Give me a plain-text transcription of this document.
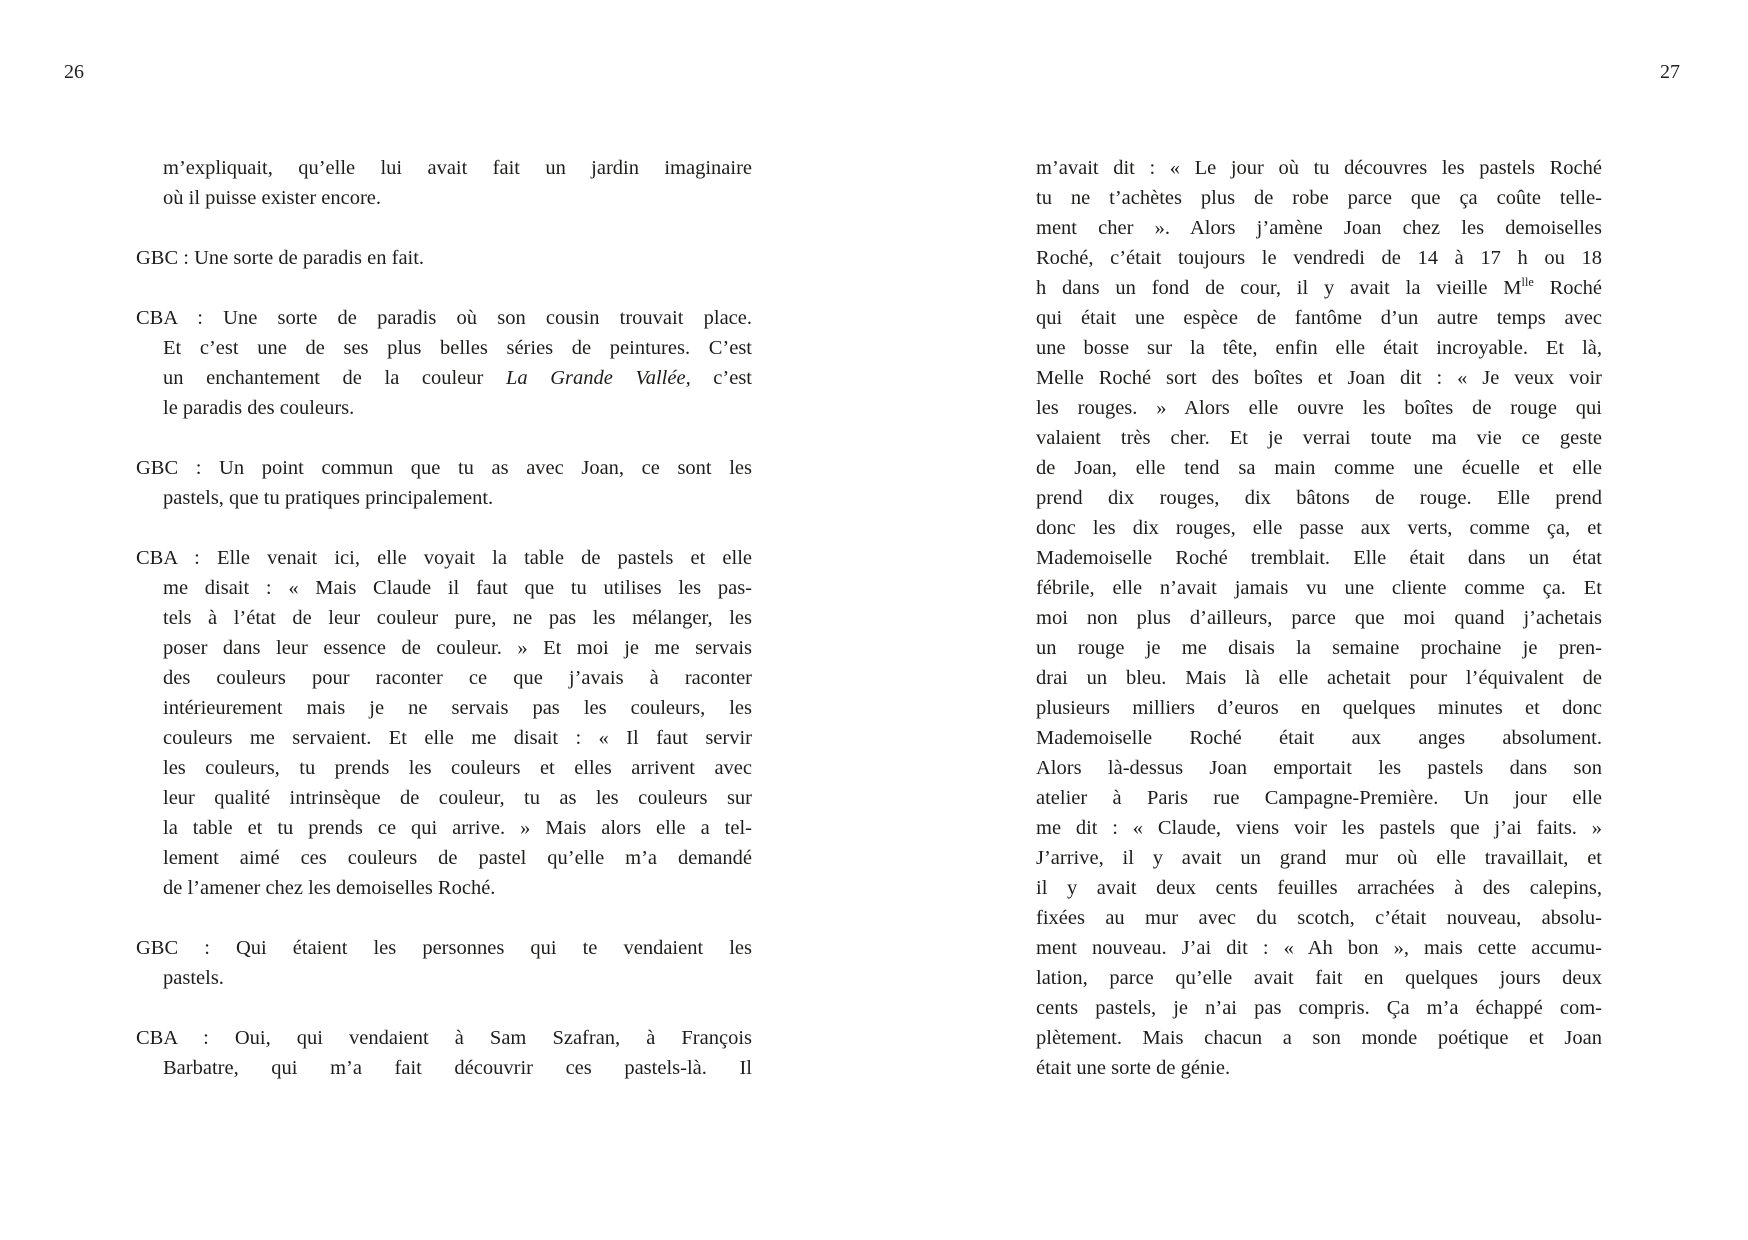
26	27
m’expliquait, qu’elle lui avait fait un jardin imaginaire
où il puisse exister encore.
GBC : Une sorte de paradis en fait.
CBA : Une sorte de paradis où son cousin trouvait place.
Et c’est une de ses plus belles séries de peintures. C’est
un enchantement de la couleur La Grande Vallée, c’est
le paradis des couleurs.
GBC : Un point commun que tu as avec Joan, ce sont les
pastels, que tu pratiques principalement.
CBA : Elle venait ici, elle voyait la table de pastels et elle
me disait : « Mais Claude il faut que tu utilises les pas-
tels à l’état de leur couleur pure, ne pas les mélanger, les
poser dans leur essence de couleur. » Et moi je me servais
des couleurs pour raconter ce que j’avais à raconter
intérieurement mais je ne servais pas les couleurs, les
couleurs me servaient. Et elle me disait : « Il faut servir
les couleurs, tu prends les couleurs et elles arrivent avec
leur qualité intrinsèque de couleur, tu as les couleurs sur
la table et tu prends ce qui arrive. » Mais alors elle a tel-
lement aimé ces couleurs de pastel qu’elle m’a demandé
de l’amener chez les demoiselles Roché.
GBC : Qui étaient les personnes qui te vendaient les
pastels.
CBA : Oui, qui vendaient à Sam Szafran, à François
Barbatre, qui m’a fait découvrir ces pastels-là. Il
m’avait dit : « Le jour où tu découvres les pastels Roché
tu ne t’achètes plus de robe parce que ça coûte telle-
ment cher ». Alors j’amène Joan chez les demoiselles
Roché, c’était toujours le vendredi de 14 à 17 h ou 18
h dans un fond de cour, il y avait la vieille $M^{lle}$ Roché
qui était une espèce de fantôme d’un autre temps avec
une bosse sur la tête, enfin elle était incroyable. Et là,
Melle Roché sort des boîtes et Joan dit : « Je veux voir
les rouges. » Alors elle ouvre les boîtes de rouge qui
valaient très cher. Et je verrai toute ma vie ce geste
de Joan, elle tend sa main comme une écuelle et elle
prend dix rouges, dix bâtons de rouge. Elle prend
donc les dix rouges, elle passe aux verts, comme ça, et
Mademoiselle Roché tremblait. Elle était dans un état
fébrile, elle n’avait jamais vu une cliente comme ça. Et
moi non plus d’ailleurs, parce que moi quand j’achetais
un rouge je me disais la semaine prochaine je pren-
drai un bleu. Mais là elle achetait pour l’équivalent de
plusieurs milliers d’euros en quelques minutes et donc
Mademoiselle Roché était aux anges absolument.
Alors là-dessus Joan emportait les pastels dans son
atelier à Paris rue Campagne-Première. Un jour elle
me dit : « Claude, viens voir les pastels que j’ai faits. »
J’arrive, il y avait un grand mur où elle travaillait, et
il y avait deux cents feuilles arrachées à des calepins,
fixées au mur avec du scotch, c’était nouveau, absolu-
ment nouveau. J’ai dit : « Ah bon », mais cette accumu-
lation, parce qu’elle avait fait en quelques jours deux
cents pastels, je n’ai pas compris. Ça m’a échappé com-
plètement. Mais chacun a son monde poétique et Joan
était une sorte de génie.
